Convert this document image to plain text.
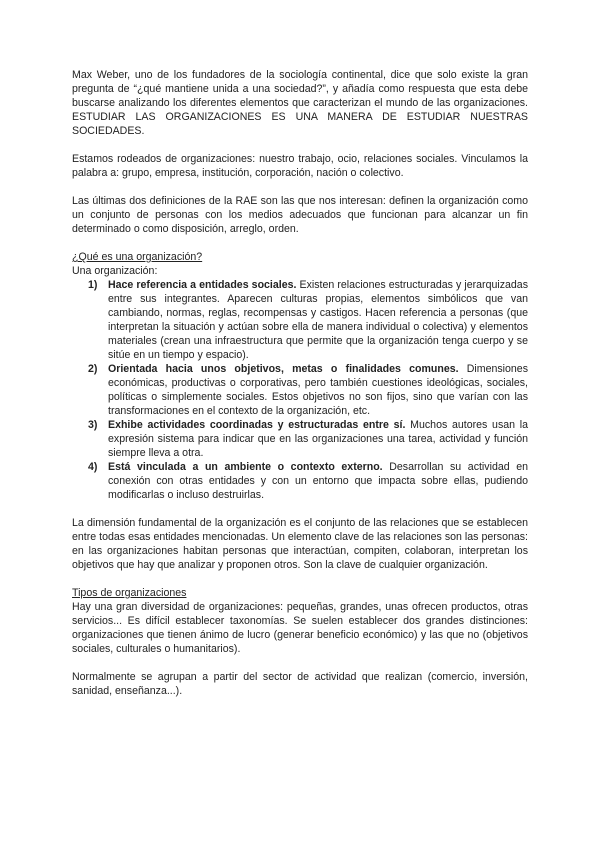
Max Weber, uno de los fundadores de la sociología continental, dice que solo existe la gran pregunta de “¿qué mantiene unida a una sociedad?”, y añadía como respuesta que esta debe buscarse analizando los diferentes elementos que caracterizan el mundo de las organizaciones. ESTUDIAR LAS ORGANIZACIONES ES UNA MANERA DE ESTUDIAR NUESTRAS SOCIEDADES.

Estamos rodeados de organizaciones: nuestro trabajo, ocio, relaciones sociales. Vinculamos la palabra a: grupo, empresa, institución, corporación, nación o colectivo.

Las últimas dos definiciones de la RAE son las que nos interesan: definen la organización como un conjunto de personas con los medios adecuados que funcionan para alcanzar un fin determinado o como disposición, arreglo, orden.

¿Qué es una organización?

Una organización:

1) Hace referencia a entidades sociales. Existen relaciones estructuradas y jerarquizadas entre sus integrantes. Aparecen culturas propias, elementos simbólicos que van cambiando, normas, reglas, recompensas y castigos. Hacen referencia a personas (que interpretan la situación y actúan sobre ella de manera individual o colectiva) y elementos materiales (crean una infraestructura que permite que la organización tenga cuerpo y se sitúe en un tiempo y espacio).
2) Orientada hacia unos objetivos, metas o finalidades comunes. Dimensiones económicas, productivas o corporativas, pero también cuestiones ideológicas, sociales, políticas o simplemente sociales. Estos objetivos no son fijos, sino que varían con las transformaciones en el contexto de la organización, etc.
3) Exhibe actividades coordinadas y estructuradas entre sí. Muchos autores usan la expresión sistema para indicar que en las organizaciones una tarea, actividad y función siempre lleva a otra.
4) Está vinculada a un ambiente o contexto externo. Desarrollan su actividad en conexión con otras entidades y con un entorno que impacta sobre ellas, pudiendo modificarlas o incluso destruirlas.

La dimensión fundamental de la organización es el conjunto de las relaciones que se establecen entre todas esas entidades mencionadas. Un elemento clave de las relaciones son las personas: en las organizaciones habitan personas que interactúan, compiten, colaboran, interpretan los objetivos que hay que analizar y proponen otros. Son la clave de cualquier organización.

Tipos de organizaciones

Hay una gran diversidad de organizaciones: pequeñas, grandes, unas ofrecen productos, otras servicios... Es difícil establecer taxonomías. Se suelen establecer dos grandes distinciones: organizaciones que tienen ánimo de lucro (generar beneficio económico) y las que no (objetivos sociales, culturales o humanitarios).

Normalmente se agrupan a partir del sector de actividad que realizan (comercio, inversión, sanidad, enseñanza...).
